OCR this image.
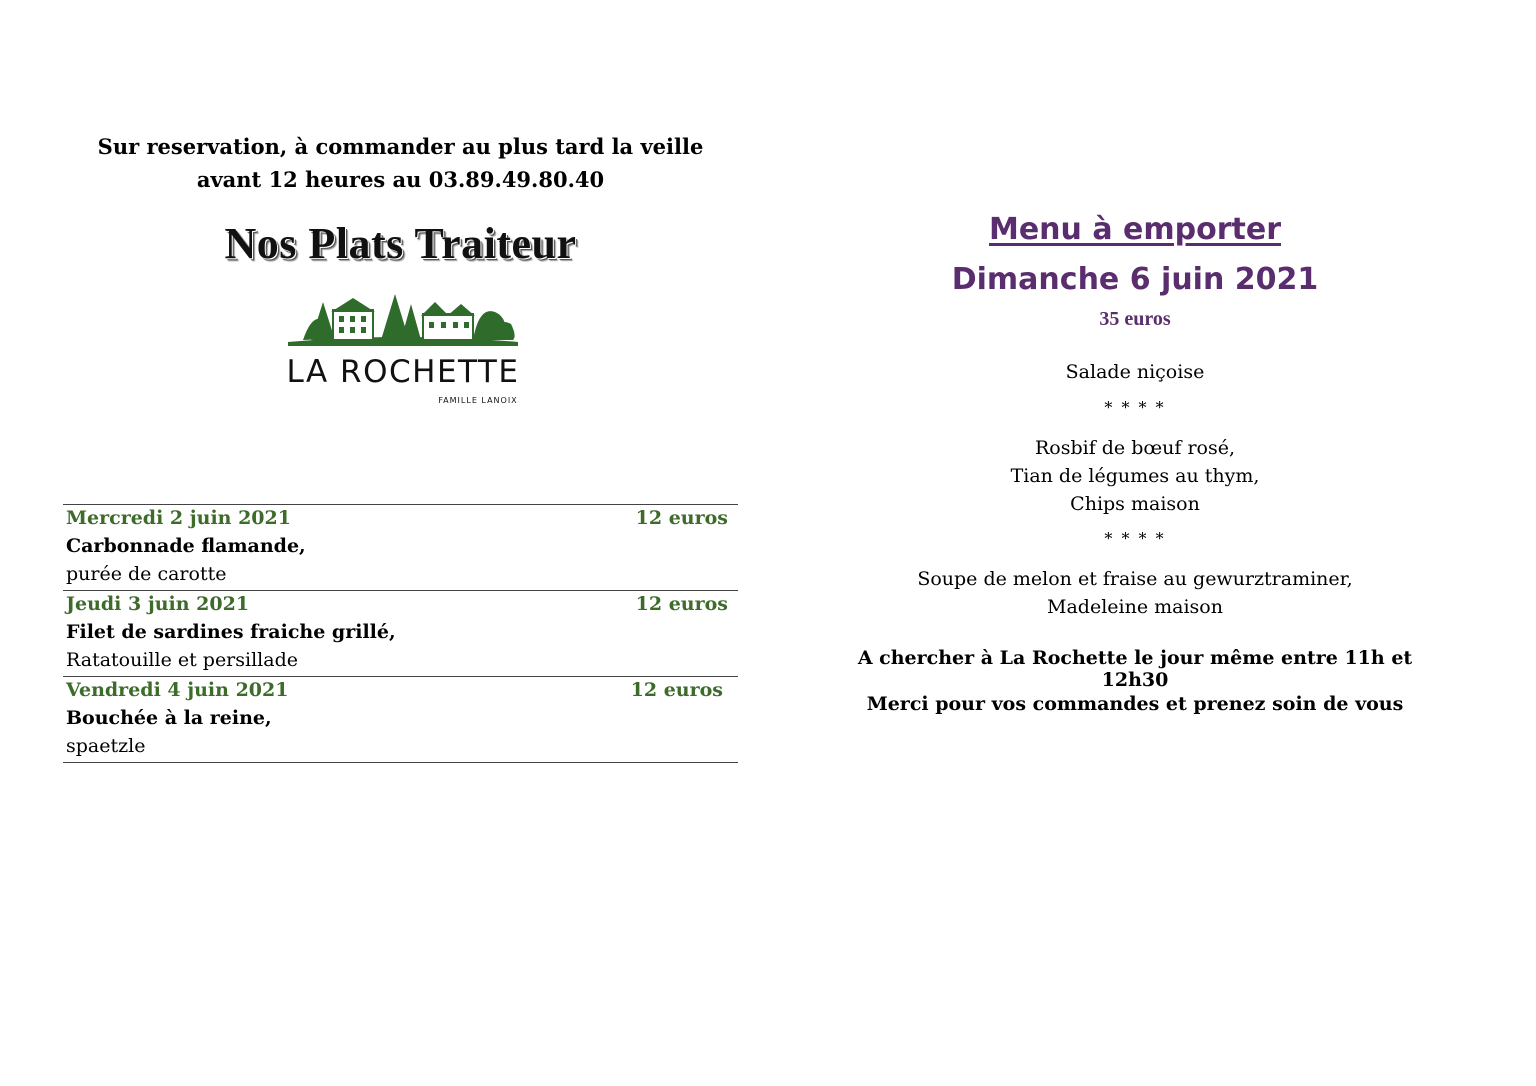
Sur reservation, à commander au plus tard la veille
avant 12 heures au 03.89.49.80.40
Nos Plats Traiteur
LA ROCHETTE
FAMILLE LANOIX
Mercredi 2 juin 2021	12 euros
Carbonnade flamande,
purée de carotte
Jeudi 3 juin 2021	12 euros
Filet de sardines fraiche grillé,
Ratatouille et persillade
Vendredi 4 juin 2021	12 euros
Bouchée à la reine,
spaetzle
Menu à emporter
Dimanche 6 juin 2021
35 euros
Salade niçoise
* * * *
Rosbif de bœuf rosé,
Tian de légumes au thym,
Chips maison
* * * *
Soupe de melon et fraise au gewurztraminer,
Madeleine maison
A chercher à La Rochette le jour même entre 11h et 12h30
Merci pour vos commandes et prenez soin de vous
